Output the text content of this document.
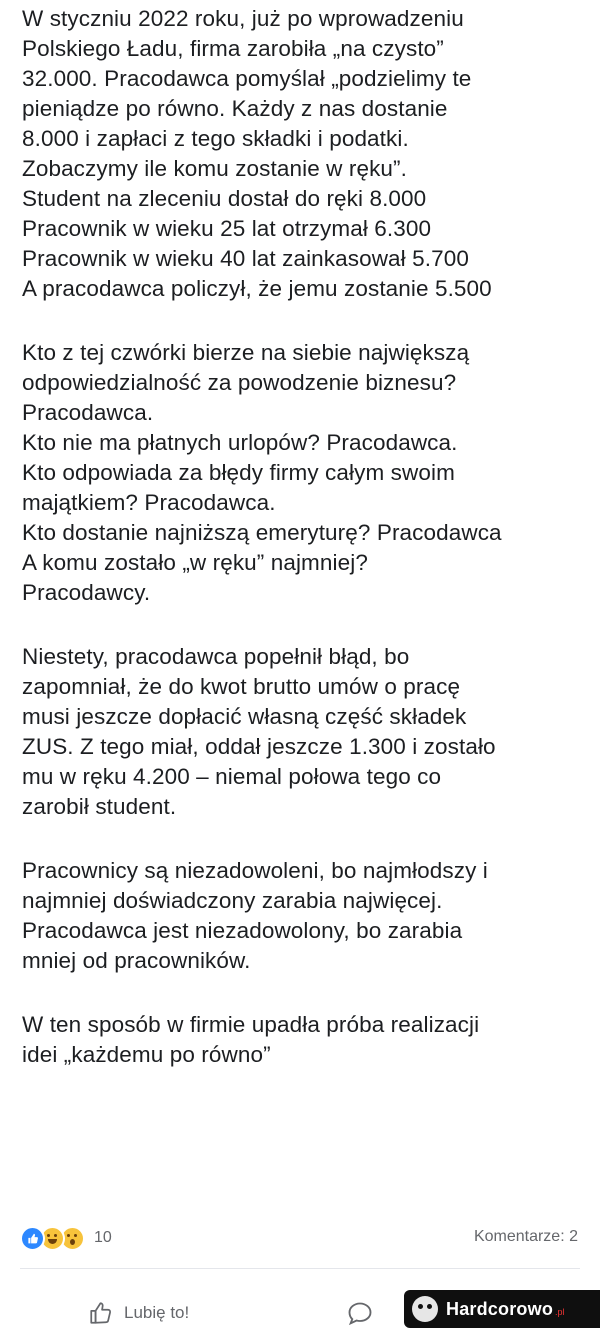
W styczniu 2022 roku, już po wprowadzeniu
Polskiego Ładu, firma zarobiła „na czysto”
32.000. Pracodawca pomyślał „podzielimy te
pieniądze po równo. Każdy z nas dostanie
8.000 i zapłaci z tego składki i podatki.
Zobaczymy ile komu zostanie w ręku”.
Student na zleceniu dostał do ręki 8.000
Pracownik w wieku 25 lat otrzymał 6.300
Pracownik w wieku 40 lat zainkasował 5.700
A pracodawca policzył, że jemu zostanie 5.500
Kto z tej czwórki bierze na siebie największą
odpowiedzialność za powodzenie biznesu?
Pracodawca.
Kto nie ma płatnych urlopów? Pracodawca.
Kto odpowiada za błędy firmy całym swoim
majątkiem? Pracodawca.
Kto dostanie najniższą emeryturę? Pracodawca
A komu zostało „w ręku” najmniej?
Pracodawcy.
Niestety, pracodawca popełnił błąd, bo
zapomniał, że do kwot brutto umów o pracę
musi jeszcze dopłacić własną część składek
ZUS. Z tego miał, oddał jeszcze 1.300 i zostało
mu w ręku 4.200 – niemal połowa tego co
zarobił student.
Pracownicy są niezadowoleni, bo najmłodszy i
najmniej doświadczony zarabia najwięcej.
Pracodawca jest niezadowolony, bo zarabia
mniej od pracowników.
W ten sposób w firmie upadła próba realizacji
idei „każdemu po równo”
10	Komentarze: 2
Lubię to!	Hardcorowo .pl
